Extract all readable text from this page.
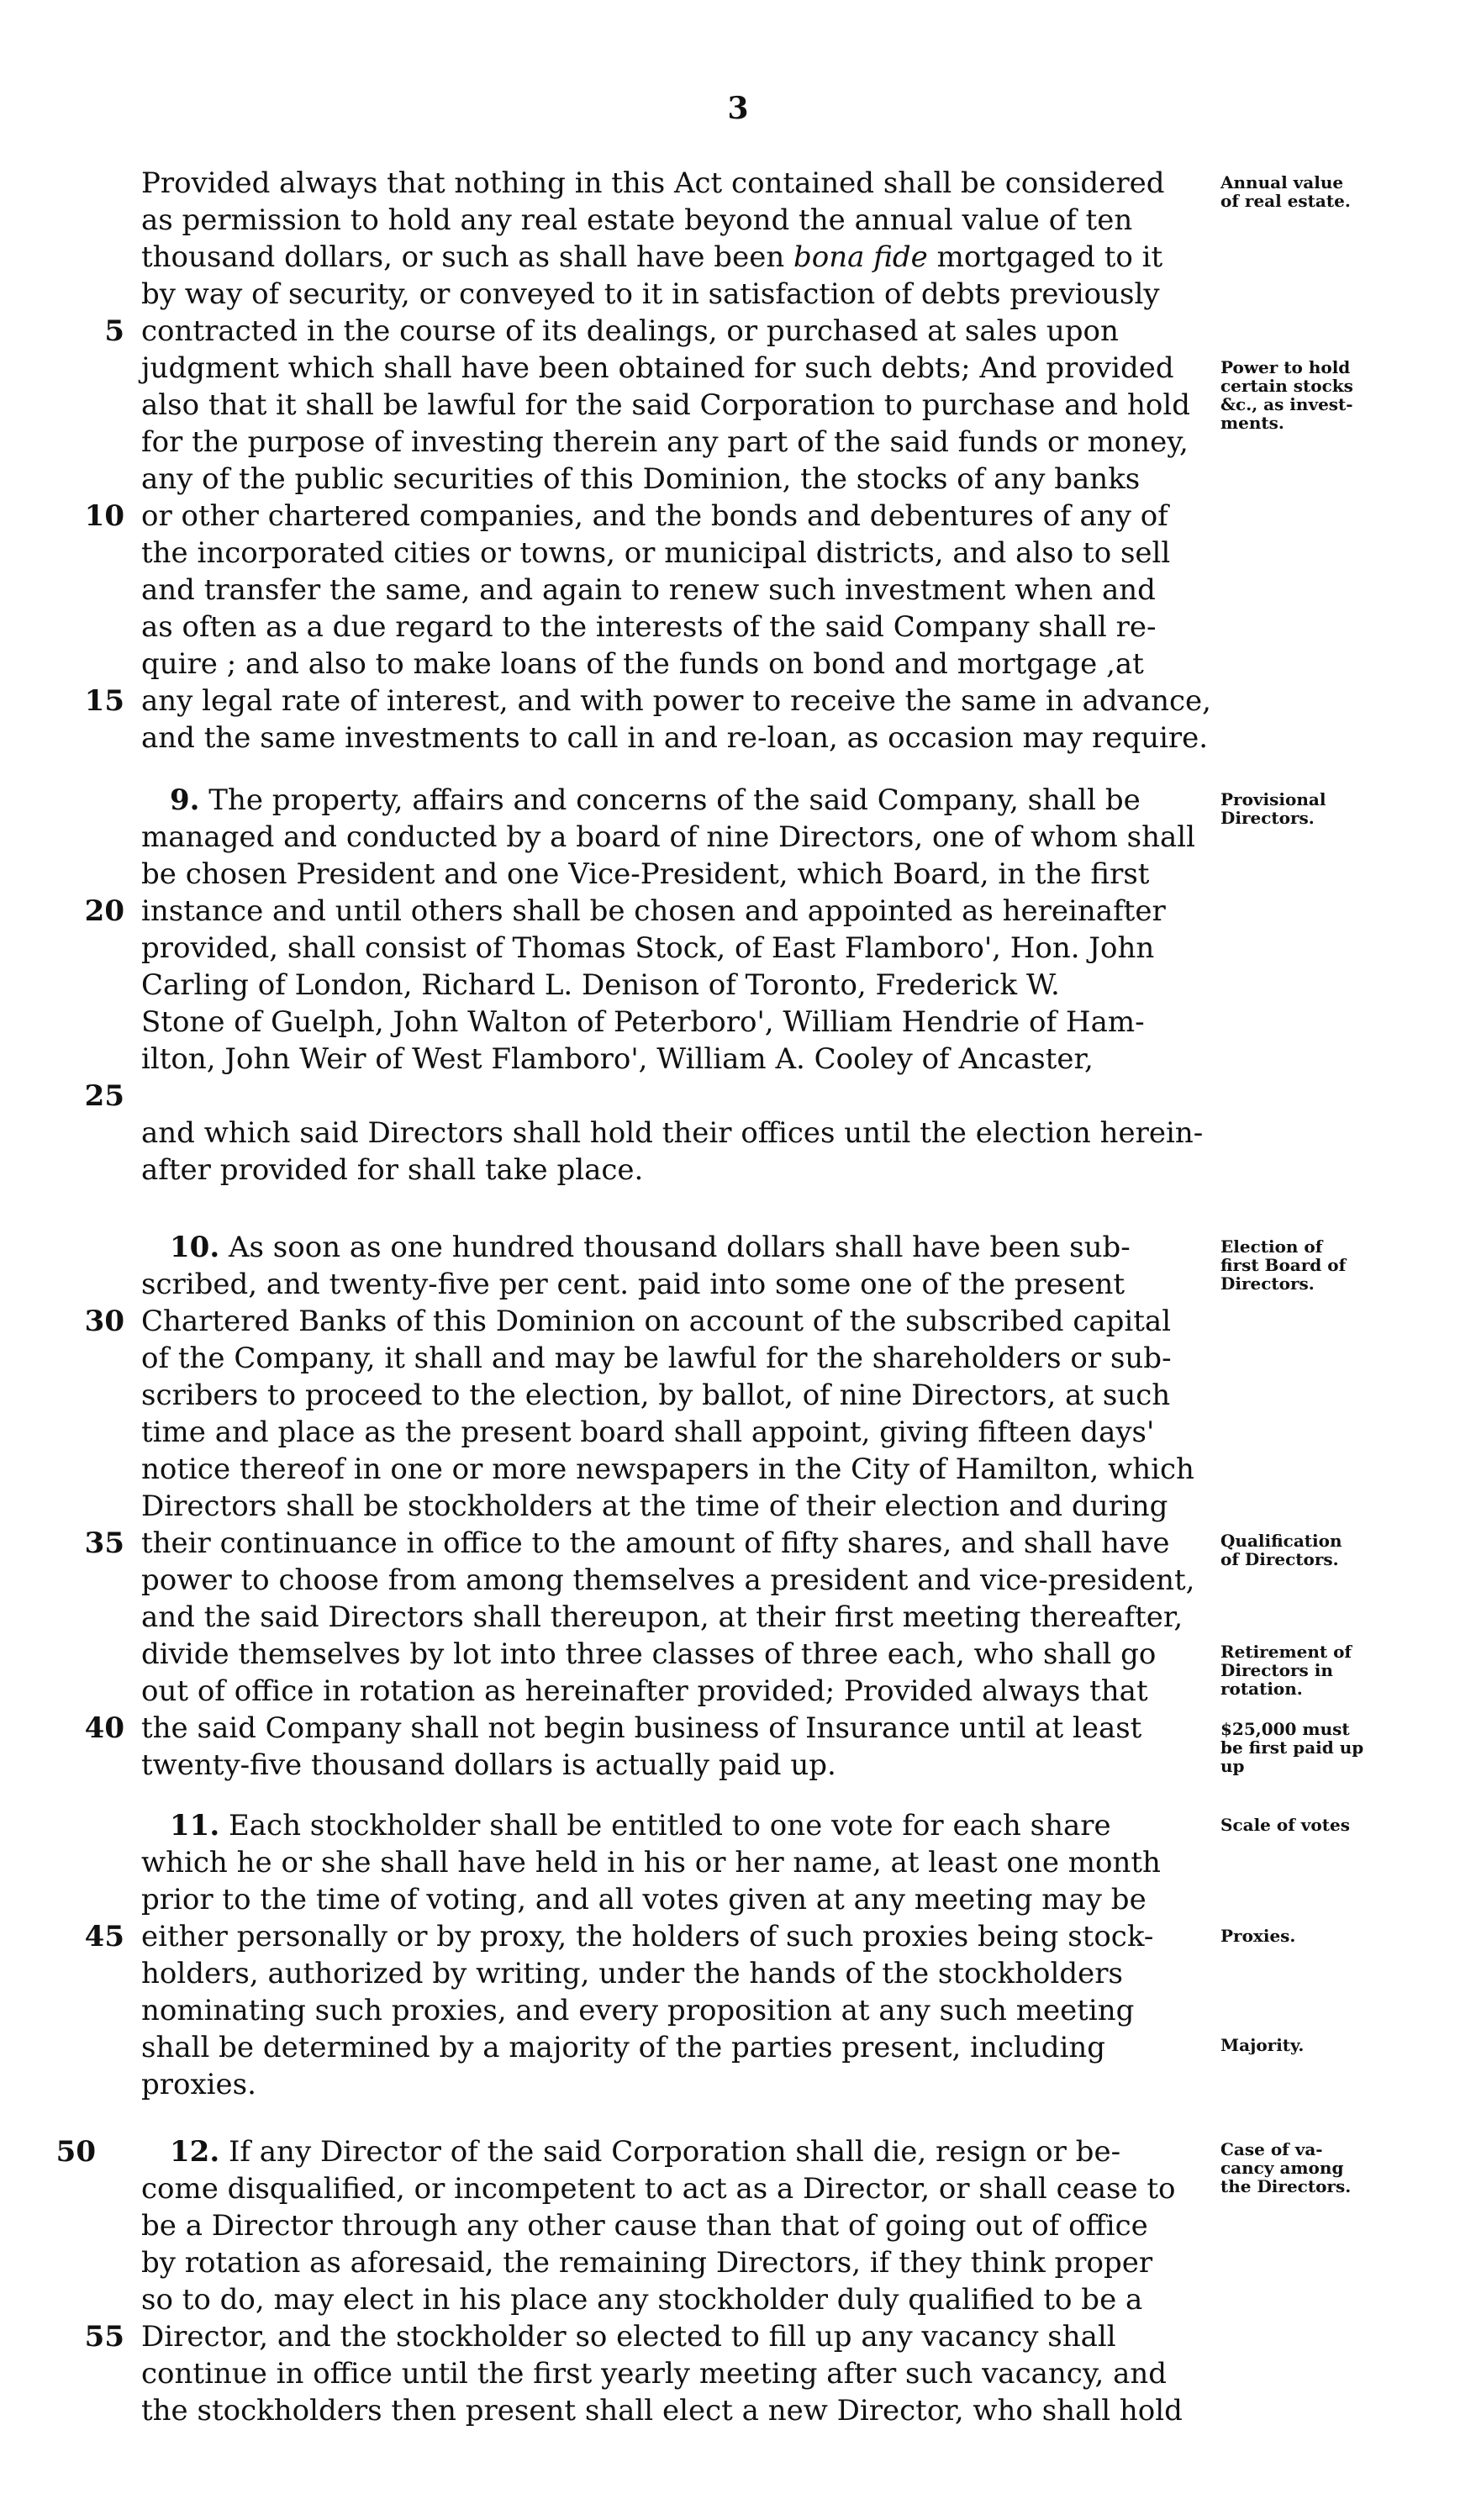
3
Provided always that nothing in this Act contained shall be considered
as permission to hold any real estate beyond the annual value of ten
thousand dollars, or such as shall have been bona fide mortgaged to it
by way of security, or conveyed to it in satisfaction of debts previously
5 contracted in the course of its dealings, or purchased at sales upon
judgment which shall have been obtained for such debts; And provided
also that it shall be lawful for the said Corporation to purchase and hold
for the purpose of investing therein any part of the said funds or money,
any of the public securities of this Dominion, the stocks of any banks
10 or other chartered companies, and the bonds and debentures of any of
the incorporated cities or towns, or municipal districts, and also to sell
and transfer the same, and again to renew such investment when and
as often as a due regard to the interests of the said Company shall re-
quire ; and also to make loans of the funds on bond and mortgage ,at
15 any legal rate of interest, and with power to receive the same in advance,
and the same investments to call in and re-loan, as occasion may require.
9. The property, affairs and concerns of the said Company, shall be
managed and conducted by a board of nine Directors, one of whom shall
be chosen President and one Vice-President, which Board, in the first
20 instance and until others shall be chosen and appointed as hereinafter
provided, shall consist of Thomas Stock, of East Flamboro', Hon. John
Carling of London, Richard L. Denison of Toronto, Frederick W.
Stone of Guelph, John Walton of Peterboro', William Hendrie of Ham-
ilton, John Weir of West Flamboro', William A. Cooley of Ancaster,
25
and which said Directors shall hold their offices until the election herein-
after provided for shall take place.
10. As soon as one hundred thousand dollars shall have been sub-
scribed, and twenty-five per cent. paid into some one of the present
30 Chartered Banks of this Dominion on account of the subscribed capital
of the Company, it shall and may be lawful for the shareholders or sub-
scribers to proceed to the election, by ballot, of nine Directors, at such
time and place as the present board shall appoint, giving fifteen days'
notice thereof in one or more newspapers in the City of Hamilton, which
Directors shall be stockholders at the time of their election and during
35 their continuance in office to the amount of fifty shares, and shall have
power to choose from among themselves a president and vice-president,
and the said Directors shall thereupon, at their first meeting thereafter,
divide themselves by lot into three classes of three each, who shall go
out of office in rotation as hereinafter provided; Provided always that
40 the said Company shall not begin business of Insurance until at least
twenty-five thousand dollars is actually paid up.
11. Each stockholder shall be entitled to one vote for each share
which he or she shall have held in his or her name, at least one month
prior to the time of voting, and all votes given at any meeting may be
45 either personally or by proxy, the holders of such proxies being stock-
holders, authorized by writing, under the hands of the stockholders
nominating such proxies, and every proposition at any such meeting
shall be determined by a majority of the parties present, including
proxies.
50	12. If any Director of the said Corporation shall die, resign or be-
come disqualified, or incompetent to act as a Director, or shall cease to
be a Director through any other cause than that of going out of office
by rotation as aforesaid, the remaining Directors, if they think proper
so to do, may elect in his place any stockholder duly qualified to be a
55 Director, and the stockholder so elected to fill up any vacancy shall
continue in office until the first yearly meeting after such vacancy, and
the stockholders then present shall elect a new Director, who shall hold
Annual value
of real estate.
Power to hold
certain stocks
&c., as invest-
ments.
Provisional
Directors.
Election of
first Board of
Directors.
Qualification
of Directors.
Retirement of
Directors in
rotation.
$25,000 must
be first paid up
up
Scale of votes
Proxies.
Majority.
Case of va-
cancy among
the Directors.
